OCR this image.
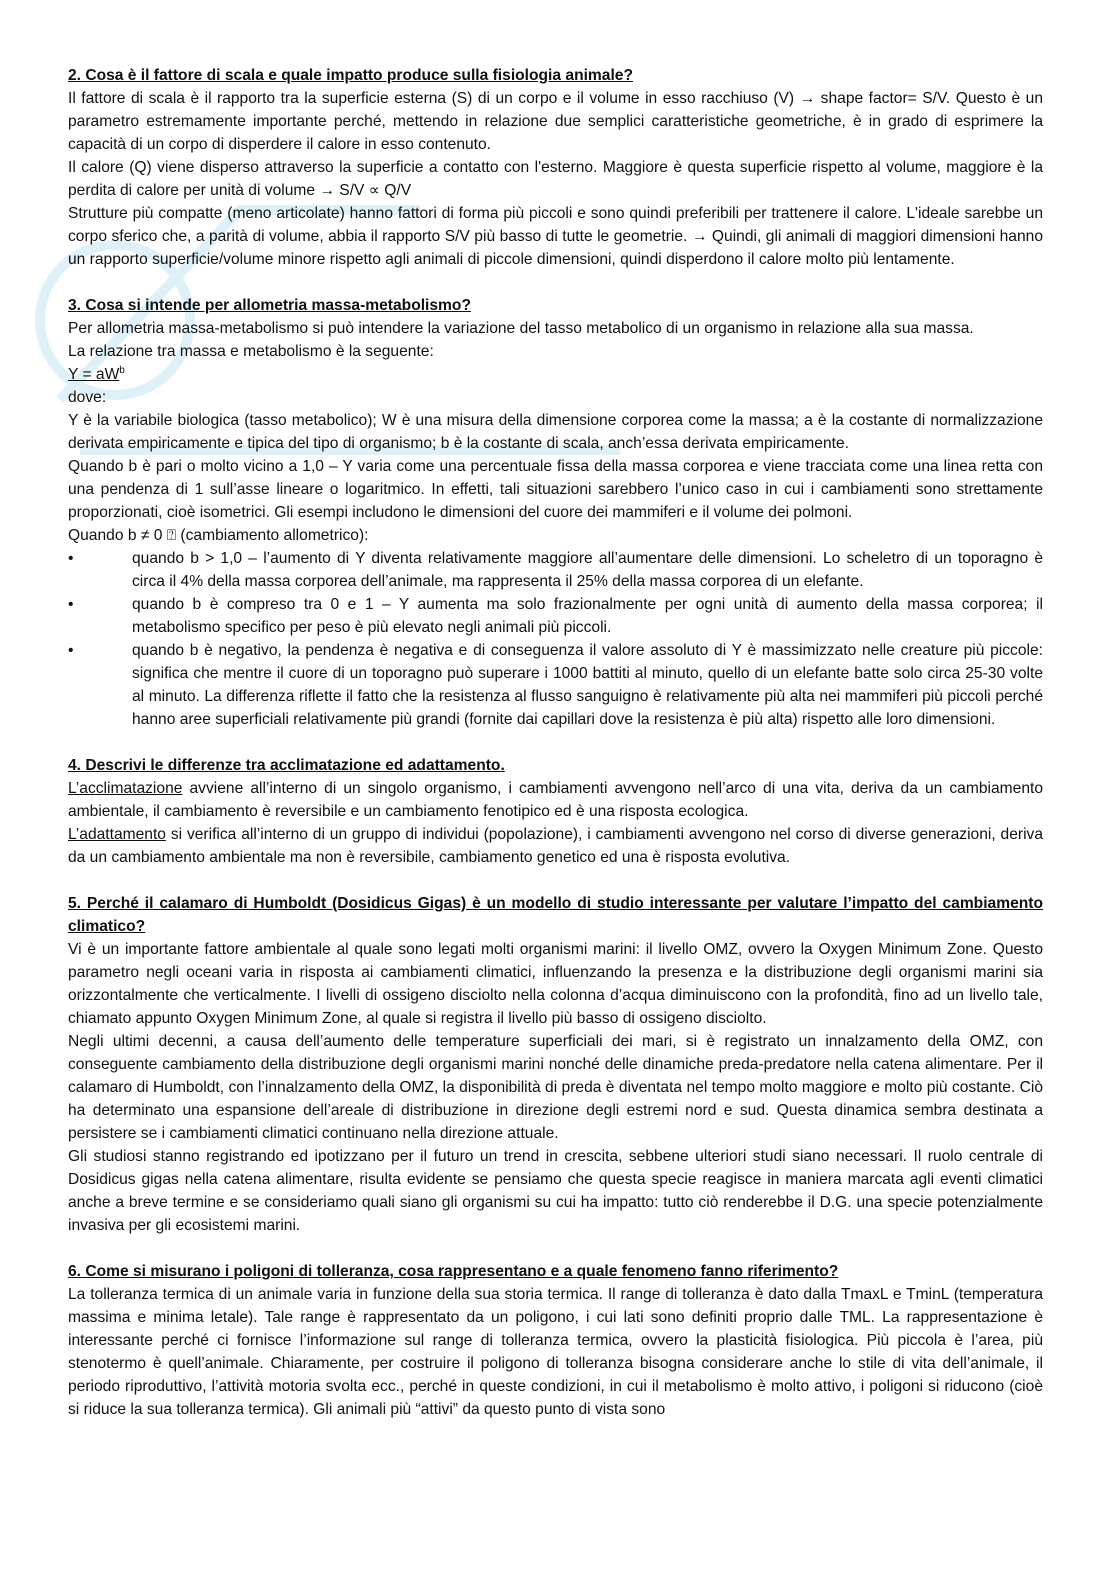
2. Cosa è il fattore di scala e quale impatto produce sulla fisiologia animale?

Il fattore di scala è il rapporto tra la superficie esterna (S) di un corpo e il volume in esso racchiuso (V) → shape factor= S/V. Questo è un parametro estremamente importante perché, mettendo in relazione due semplici caratteristiche geometriche, è in grado di esprimere la capacità di un corpo di disperdere il calore in esso contenuto.

Il calore (Q) viene disperso attraverso la superficie a contatto con l'esterno. Maggiore è questa superficie rispetto al volume, maggiore è la perdita di calore per unità di volume → S/V ∝ Q/V

Strutture più compatte (meno articolate) hanno fattori di forma più piccoli e sono quindi preferibili per trattenere il calore. L'ideale sarebbe un corpo sferico che, a parità di volume, abbia il rapporto S/V più basso di tutte le geometrie. → Quindi, gli animali di maggiori dimensioni hanno un rapporto superficie/volume minore rispetto agli animali di piccole dimensioni, quindi disperdono il calore molto più lentamente.

3. Cosa si intende per allometria massa-metabolismo?

Per allometria massa-metabolismo si può intendere la variazione del tasso metabolico di un organismo in relazione alla sua massa.

La relazione tra massa e metabolismo è la seguente:

$Y = aW^b$

dove:

Y è la variabile biologica (tasso metabolico); W è una misura della dimensione corporea come la massa; a è la costante di normalizzazione derivata empiricamente e tipica del tipo di organismo; b è la costante di scala, anch’essa derivata empiricamente.

Quando b è pari o molto vicino a 1,0 – Y varia come una percentuale fissa della massa corporea e viene tracciata come una linea retta con una pendenza di 1 sull’asse lineare o logaritmico. In effetti, tali situazioni sarebbero l’unico caso in cui i cambiamenti sono strettamente proporzionati, cioè isometrici. Gli esempi includono le dimensioni del cuore dei mammiferi e il volume dei polmoni.

Quando b ≠ 0 ⍰ (cambiamento allometrico):

•	quando b > 1,0 – l’aumento di Y diventa relativamente maggiore all’aumentare delle dimensioni. Lo scheletro di un toporagno è circa il 4% della massa corporea dell’animale, ma rappresenta il 25% della massa corporea di un elefante.
•	quando b è compreso tra 0 e 1 – Y aumenta ma solo frazionalmente per ogni unità di aumento della massa corporea; il metabolismo specifico per peso è più elevato negli animali più piccoli.
•	quando b è negativo, la pendenza è negativa e di conseguenza il valore assoluto di Y è massimizzato nelle creature più piccole: significa che mentre il cuore di un toporagno può superare i 1000 battiti al minuto, quello di un elefante batte solo circa 25-30 volte al minuto. La differenza riflette il fatto che la resistenza al flusso sanguigno è relativamente più alta nei mammiferi più piccoli perché hanno aree superficiali relativamente più grandi (fornite dai capillari dove la resistenza è più alta) rispetto alle loro dimensioni.
4. Descrivi le differenze tra acclimatazione ed adattamento.

L’acclimatazione avviene all’interno di un singolo organismo, i cambiamenti avvengono nell’arco di una vita, deriva da un cambiamento ambientale, il cambiamento è reversibile e un cambiamento fenotipico ed è una risposta ecologica.

L’adattamento si verifica all’interno di un gruppo di individui (popolazione), i cambiamenti avvengono nel corso di diverse generazioni, deriva da un cambiamento ambientale ma non è reversibile, cambiamento genetico ed una è risposta evolutiva.

5. Perché il calamaro di Humboldt (Dosidicus Gigas) è un modello di studio interessante per valutare l’impatto del cambiamento climatico?

Vi è un importante fattore ambientale al quale sono legati molti organismi marini: il livello OMZ, ovvero la Oxygen Minimum Zone. Questo parametro negli oceani varia in risposta ai cambiamenti climatici, influenzando la presenza e la distribuzione degli organismi marini sia orizzontalmente che verticalmente. I livelli di ossigeno disciolto nella colonna d’acqua diminuiscono con la profondità, fino ad un livello tale, chiamato appunto Oxygen Minimum Zone, al quale si registra il livello più basso di ossigeno disciolto.

Negli ultimi decenni, a causa dell’aumento delle temperature superficiali dei mari, si è registrato un innalzamento della OMZ, con conseguente cambiamento della distribuzione degli organismi marini nonché delle dinamiche preda-predatore nella catena alimentare. Per il calamaro di Humboldt, con l’innalzamento della OMZ, la disponibilità di preda è diventata nel tempo molto maggiore e molto più costante. Ciò ha determinato una espansione dell’areale di distribuzione in direzione degli estremi nord e sud. Questa dinamica sembra destinata a persistere se i cambiamenti climatici continuano nella direzione attuale.

Gli studiosi stanno registrando ed ipotizzano per il futuro un trend in crescita, sebbene ulteriori studi siano necessari. Il ruolo centrale di Dosidicus gigas nella catena alimentare, risulta evidente se pensiamo che questa specie reagisce in maniera marcata agli eventi climatici anche a breve termine e se consideriamo quali siano gli organismi su cui ha impatto: tutto ciò renderebbe il D.G. una specie potenzialmente invasiva per gli ecosistemi marini.

6. Come si misurano i poligoni di tolleranza, cosa rappresentano e a quale fenomeno fanno riferimento?

La tolleranza termica di un animale varia in funzione della sua storia termica. Il range di tolleranza è dato dalla TmaxL e TminL (temperatura massima e minima letale). Tale range è rappresentato da un poligono, i cui lati sono definiti proprio dalle TML. La rappresentazione è interessante perché ci fornisce l’informazione sul range di tolleranza termica, ovvero la plasticità fisiologica. Più piccola è l’area, più stenotermo è quell’animale. Chiaramente, per costruire il poligono di tolleranza bisogna considerare anche lo stile di vita dell’animale, il periodo riproduttivo, l’attività motoria svolta ecc., perché in queste condizioni, in cui il metabolismo è molto attivo, i poligoni si riducono (cioè si riduce la sua tolleranza termica). Gli animali più “attivi” da questo punto di vista sono
